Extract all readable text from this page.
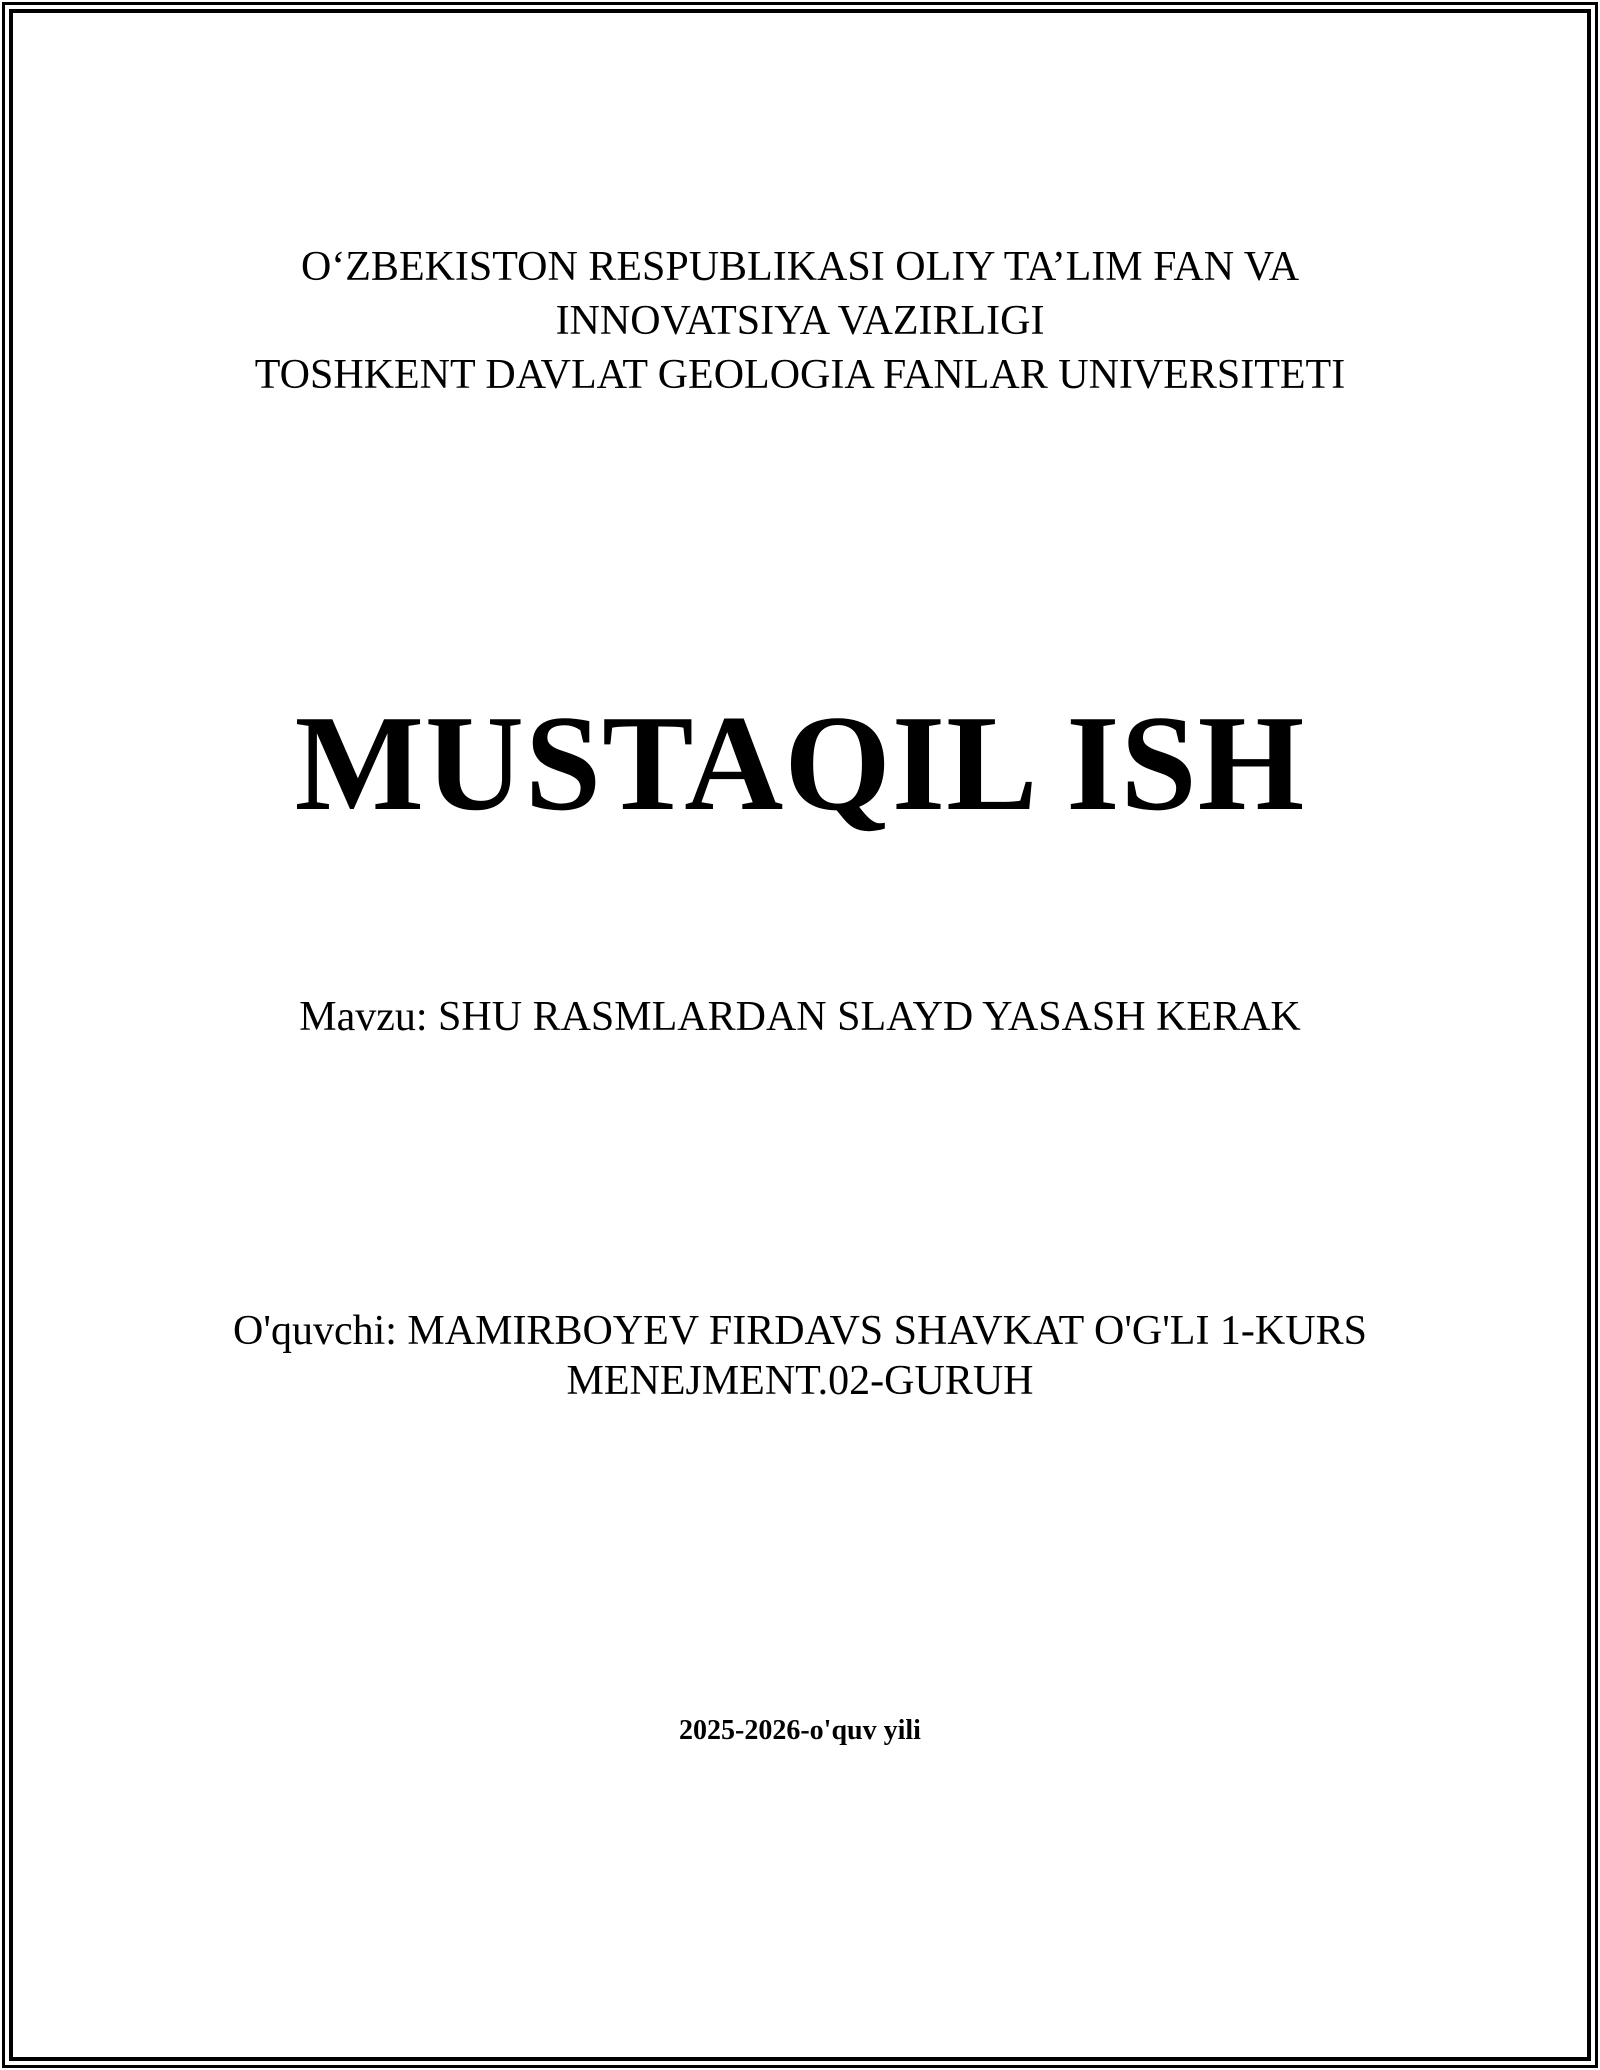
O‘ZBEKISTON RESPUBLIKASI OLIY TA’LIM FAN VA
INNOVATSIYA VAZIRLIGI
TOSHKENT DAVLAT GEOLOGIA FANLAR UNIVERSITETI
MUSTAQIL ISH
Mavzu: SHU RASMLARDAN SLAYD YASASH KERAK
O'quvchi: MAMIRBOYEV FIRDAVS SHAVKAT O'G'LI 1-KURS
MENEJMENT.02-GURUH
2025-2026-o'quv yili
